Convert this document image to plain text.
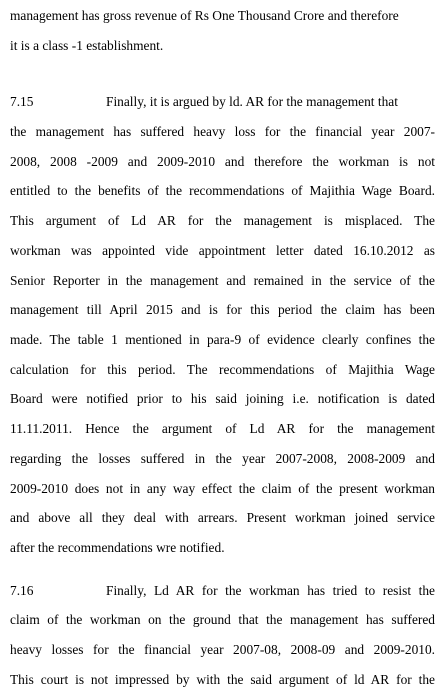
management has gross revenue of Rs One Thousand Crore and therefore
it is a class -1 establishment.
7.15	Finally, it is argued by ld. AR for the management that
the management has suffered heavy loss for the financial year 2007-
2008, 2008 -2009 and 2009-2010 and therefore the workman is not
entitled to the benefits of the recommendations of Majithia Wage Board.
This argument of Ld AR for the management is misplaced. The
workman was appointed vide appointment letter dated 16.10.2012 as
Senior Reporter in the management and remained in the service of the
management till April 2015 and is for this period the claim has been
made. The table 1 mentioned in para-9 of evidence clearly confines the
calculation for this period. The recommendations of Majithia Wage
Board were notified prior to his said joining i.e. notification is dated
11.11.2011. Hence the argument of Ld AR for the management
regarding the losses suffered in the year 2007-2008, 2008-2009 and
2009-2010 does not in any way effect the claim of the present workman
and above all they deal with arrears. Present workman joined service
after the recommendations wre notified.
7.16	Finally, Ld AR for the workman has tried to resist the
claim of the workman on the ground that the management has suffered
heavy losses for the financial year 2007-08, 2008-09 and 2009-2010.
This court is not impressed by with the said argument of ld AR for the
